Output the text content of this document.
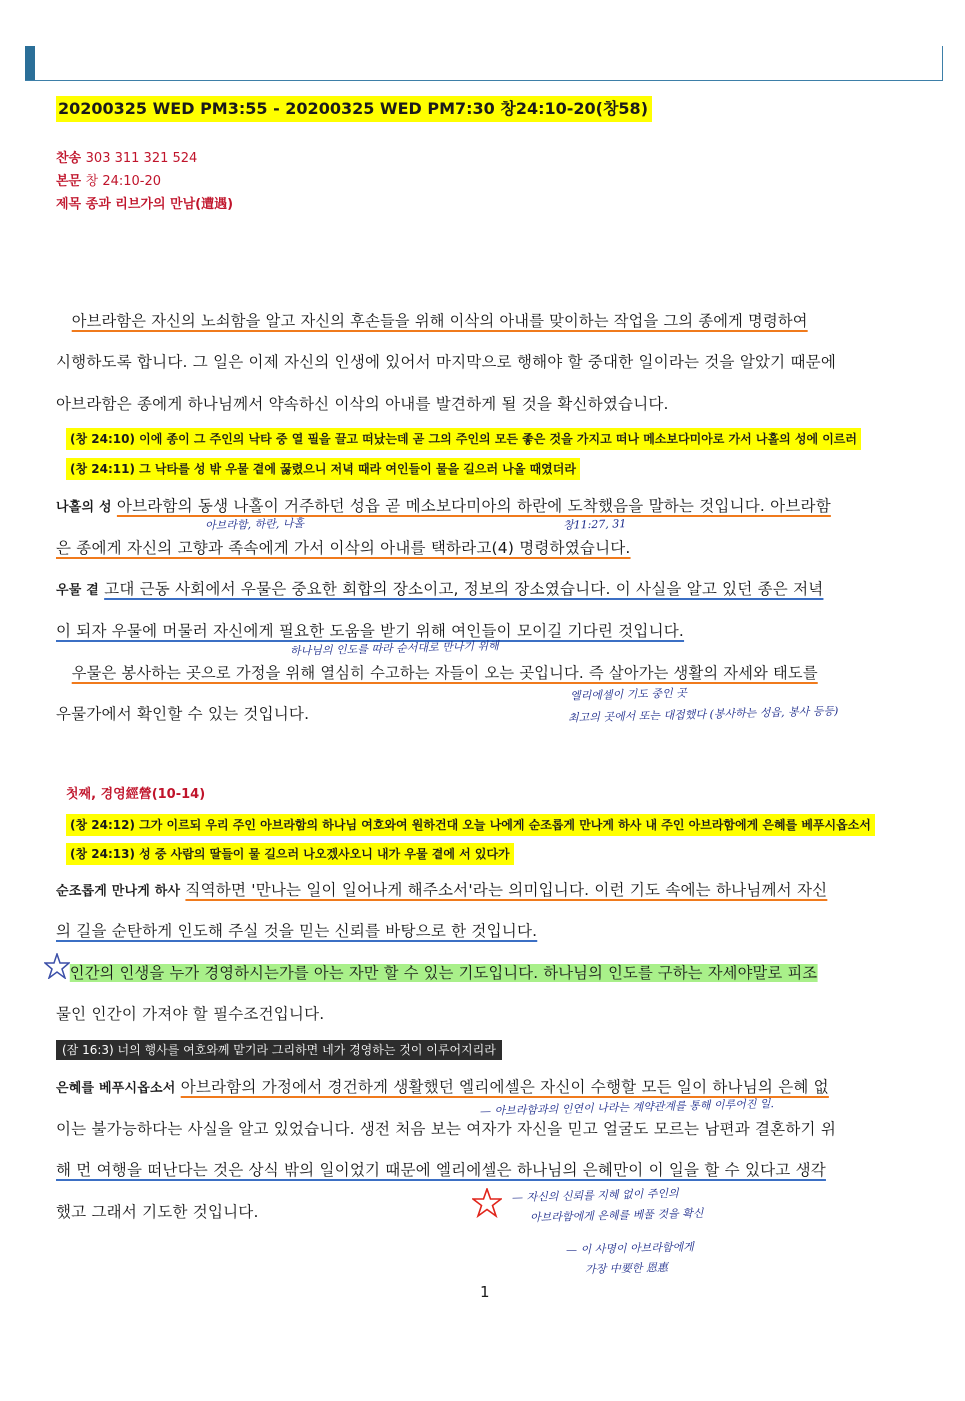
20200325 WED PM3:55 - 20200325 WED PM7:30 창24:10-20(창58)
찬송 303 311 321 524
본문 창 24:10-20
제목 종과 리브가의 만남(遭遇)
아브라함은 자신의 노쇠함을 알고 자신의 후손들을 위해 이삭의 아내를 맞이하는 작업을 그의 종에게 명령하여
시행하도록 합니다. 그 일은 이제 자신의 인생에 있어서 마지막으로 행해야 할 중대한 일이라는 것을 알았기 때문에
아브라함은 종에게 하나님께서 약속하신 이삭의 아내를 발견하게 될 것을 확신하였습니다.
(창 24:10) 이에 종이 그 주인의 낙타 중 열 필을 끌고 떠났는데 곧 그의 주인의 모든 좋은 것을 가지고 떠나 메소보다미아로 가서 나홀의 성에 이르러
(창 24:11) 그 낙타를 성 밖 우물 곁에 꿇렸으니 저녁 때라 여인들이 물을 길으러 나올 때였더라
나홀의 성 아브라함의 동생 나홀이 거주하던 성읍 곧 메소보다미아의 하란에 도착했음을 말하는 것입니다. 아브라함
아브라함, 하란, 나홀	창11:27, 31
은 종에게 자신의 고향과 족속에게 가서 이삭의 아내를 택하라고(4) 명령하였습니다.
우물 곁 고대 근동 사회에서 우물은 중요한 회합의 장소이고, 정보의 장소였습니다. 이 사실을 알고 있던 종은 저녁
이 되자 우물에 머물러 자신에게 필요한 도움을 받기 위해 여인들이 모이길 기다린 것입니다.
하나님의 인도를 따라 순서대로 만나기 위해
우물은 봉사하는 곳으로 가정을 위해 열심히 수고하는 자들이 오는 곳입니다. 즉 살아가는 생활의 자세와 태도를
엘리에셀이 기도 중인 곳
우물가에서 확인할 수 있는 것입니다.	최고의 곳에서 또는 대접했다 (봉사하는 성읍, 봉사 등등)
첫째, 경영經營(10-14)
(창 24:12) 그가 이르되 우리 주인 아브라함의 하나님 여호와여 원하건대 오늘 나에게 순조롭게 만나게 하사 내 주인 아브라함에게 은혜를 베푸시옵소서
(창 24:13) 성 중 사람의 딸들이 물 길으러 나오겠사오니 내가 우물 곁에 서 있다가
순조롭게 만나게 하사 직역하면 '만나는 일이 일어나게 해주소서'라는 의미입니다. 이런 기도 속에는 하나님께서 자신
의 길을 순탄하게 인도해 주실 것을 믿는 신뢰를 바탕으로 한 것입니다.
인간의 인생을 누가 경영하시는가를 아는 자만 할 수 있는 기도입니다. 하나님의 인도를 구하는 자세야말로 피조
물인 인간이 가져야 할 필수조건입니다.
(잠 16:3) 너의 행사를 여호와께 맡기라 그리하면 네가 경영하는 것이 이루어지리라
은혜를 베푸시옵소서 아브라함의 가정에서 경건하게 생활했던 엘리에셀은 자신이 수행할 모든 일이 하나님의 은혜 없
— 아브라함과의 인연이 나라는 계약관계를 통해 이루어진 일.
이는 불가능하다는 사실을 알고 있었습니다. 생전 처음 보는 여자가 자신을 믿고 얼굴도 모르는 남편과 결혼하기 위
해 먼 여행을 떠난다는 것은 상식 밖의 일이었기 때문에 엘리에셀은 하나님의 은혜만이 이 일을 할 수 있다고 생각
했고 그래서 기도한 것입니다.
— 자신의 신뢰를 지혜 없이 주인의
아브라함에게 은혜를 베풀 것을 확신
— 이 사명이 아브라함에게
가장 中要한 恩惠
1
